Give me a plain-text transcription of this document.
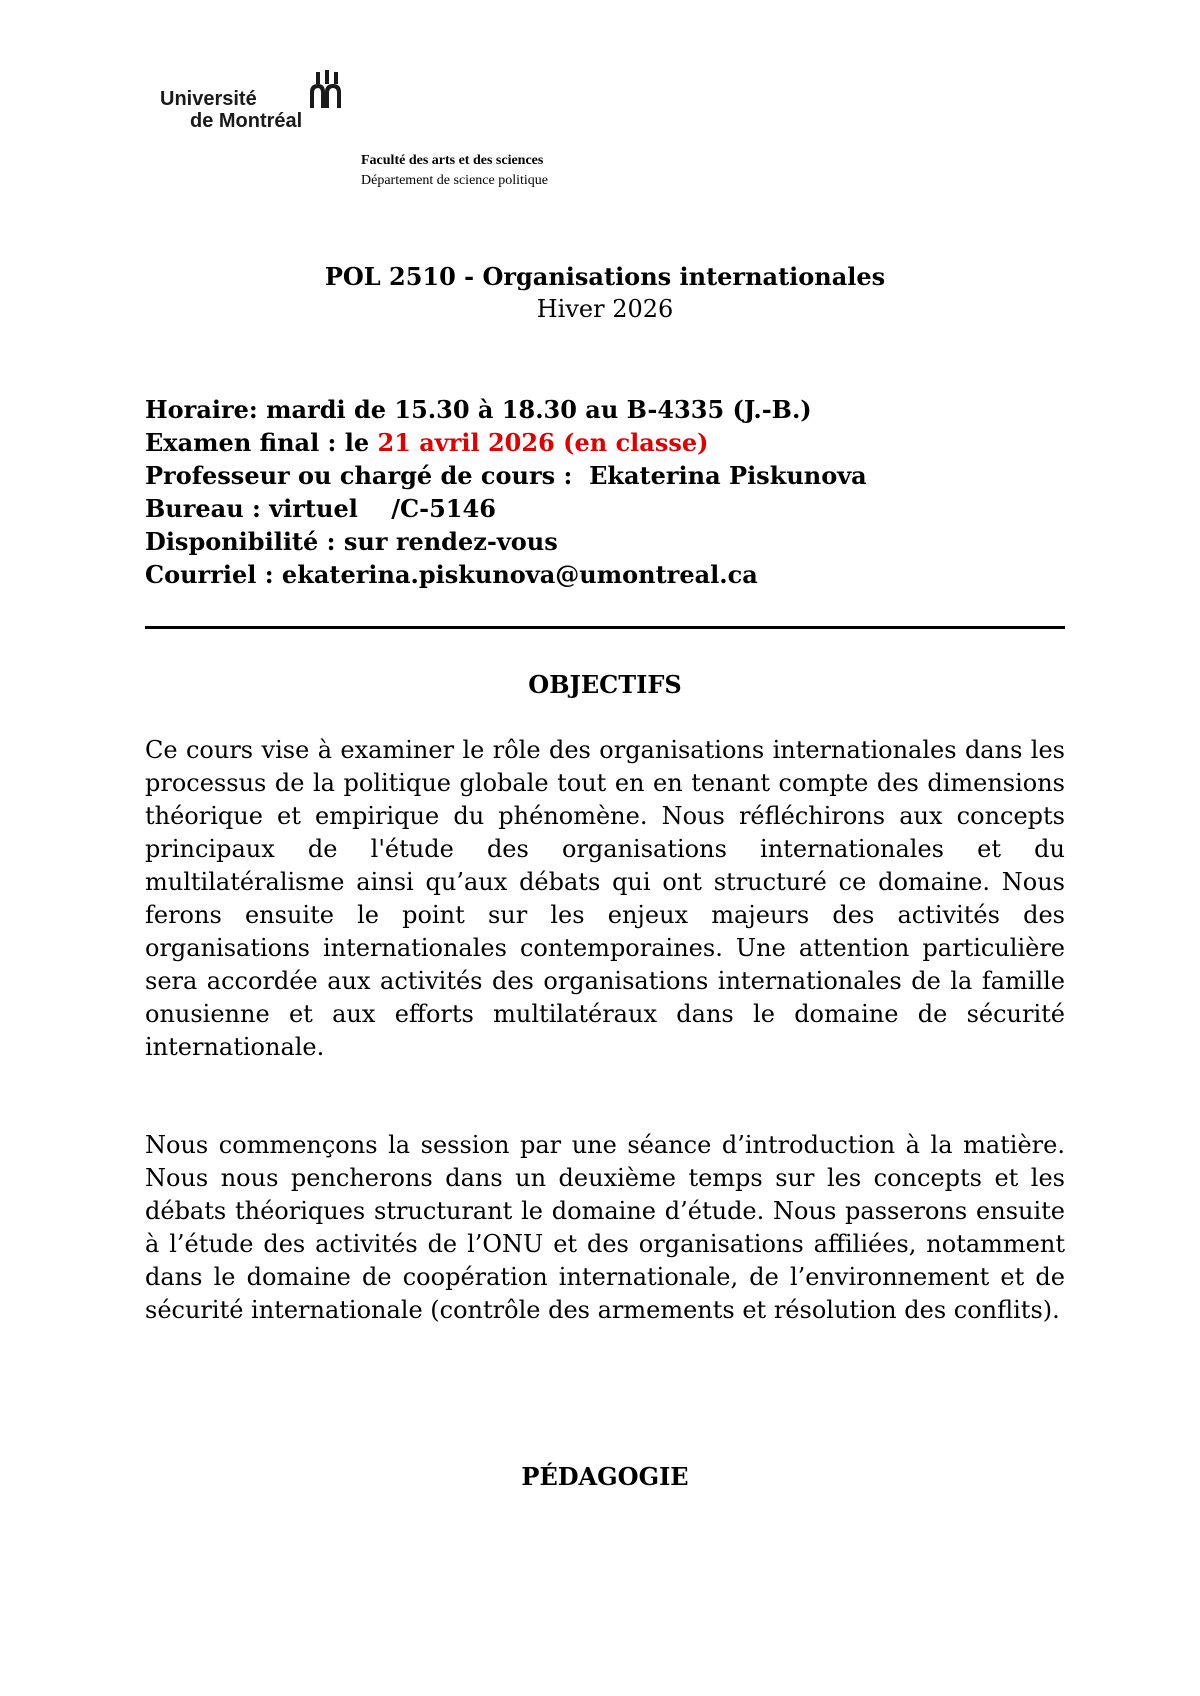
Université
de Montréal
Faculté des arts et des sciences
Département de science politique
POL 2510 - Organisations internationales
Hiver 2026
Horaire: mardi de 15.30 à 18.30 au B-4335 (J.-B.)
Examen final : le 21 avril 2026 (en classe)
Professeur ou chargé de cours :  Ekaterina Piskunova
Bureau : virtuel    /C-5146
Disponibilité : sur rendez-vous
Courriel : ekaterina.piskunova@umontreal.ca
OBJECTIFS

Ce cours vise à examiner le rôle des organisations internationales dans les processus de la politique globale tout en en tenant compte des dimensions théorique et empirique du phénomène. Nous réfléchirons aux concepts principaux de l'étude des organisations internationales et du multilatéralisme ainsi qu’aux débats qui ont structuré ce domaine. Nous ferons ensuite le point sur les enjeux majeurs des activités des organisations internationales contemporaines. Une attention particulière sera accordée aux activités des organisations internationales de la famille onusienne et aux efforts multilatéraux dans le domaine de sécurité internationale.

Nous commençons la session par une séance d’introduction à la matière. Nous nous pencherons dans un deuxième temps sur les concepts et les débats théoriques structurant le domaine d’étude. Nous passerons ensuite à l’étude des activités de l’ONU et des organisations affiliées, notamment dans le domaine de coopération internationale, de l’environnement et de sécurité internationale (contrôle des armements et résolution des conflits).

PÉDAGOGIE
